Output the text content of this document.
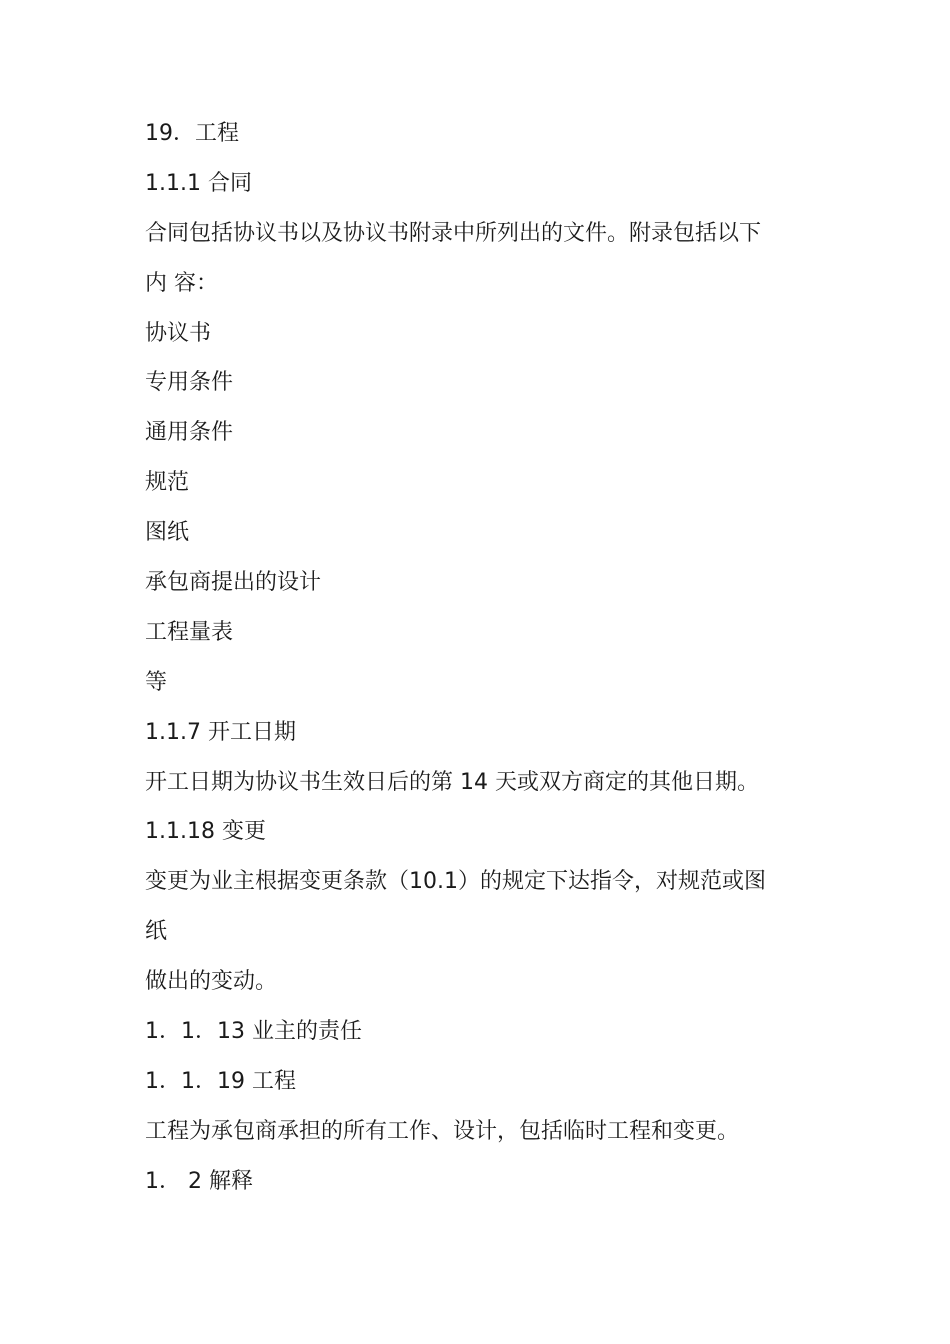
19．工程
1.1.1 合同
合同包括协议书以及协议书附录中所列出的文件。附录包括以下
内 容：
协议书
专用条件
通用条件
规范
图纸
承包商提出的设计
工程量表
等
1.1.7 开工日期
开工日期为协议书生效日后的第 14 天或双方商定的其他日期。
1.1.18 变更
变更为业主根据变更条款（10.1）的规定下达指令，对规范或图
纸
做出的变动。
1．1．13 业主的责任
1．1．19 工程
工程为承包商承担的所有工作、设计，包括临时工程和变更。
1． 2 解释
